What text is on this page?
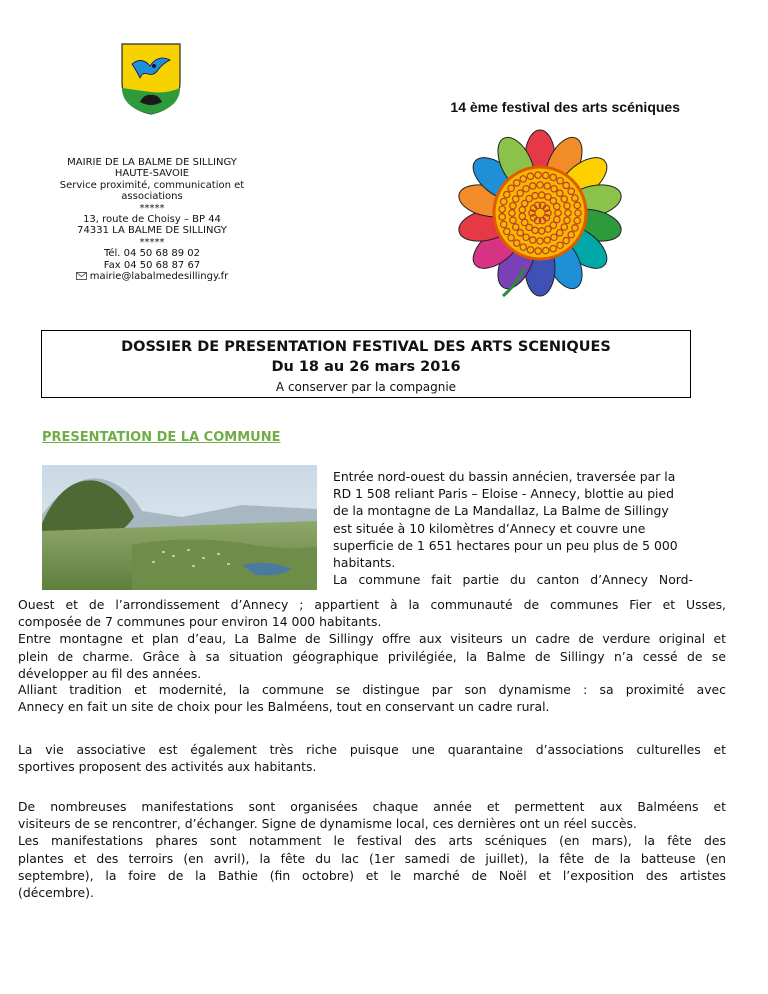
14 ème festival des arts scéniques
MAIRIE DE LA BALME DE SILLINGY
HAUTE-SAVOIE
Service proximité, communication et associations
*****
13, route de Choisy – BP 44
74331 LA BALME DE SILLINGY
*****
Tél. 04 50 68 89 02
Fax 04 50 68 87 67
mairie@labalmedesillingy.fr
DOSSIER DE PRESENTATION FESTIVAL DES ARTS SCENIQUES
Du 18 au 26 mars 2016
A conserver par la compagnie
PRESENTATION DE LA COMMUNE
Entrée nord-ouest du bassin annécien, traversée par la
RD 1 508 reliant Paris – Eloise - Annecy, blottie au pied
de la montagne de La Mandallaz, La Balme de Sillingy
est située à 10 kilomètres d’Annecy et couvre une
superficie de 1 651 hectares pour un peu plus de 5 000
habitants.
La commune fait partie du canton d’Annecy Nord-
Ouest et de l’arrondissement d’Annecy ; appartient à la communauté de communes Fier et Usses,
composée de 7 communes pour environ 14 000 habitants.
Entre montagne et plan d’eau, La Balme de Sillingy offre aux visiteurs un cadre de verdure original et
plein de charme. Grâce à sa situation géographique privilégiée, la Balme de Sillingy n’a cessé de se
développer au fil des années.
Alliant tradition et modernité, la commune se distingue par son dynamisme : sa proximité avec
Annecy en fait un site de choix pour les Balméens, tout en conservant un cadre rural.
La vie associative est également très riche puisque une quarantaine d’associations culturelles et
sportives proposent des activités aux habitants.
De nombreuses manifestations sont organisées chaque année et permettent aux Balméens et
visiteurs de se rencontrer, d’échanger. Signe de dynamisme local, ces dernières ont un réel succès.
Les manifestations phares sont notamment le festival des arts scéniques (en mars), la fête des
plantes et des terroirs (en avril), la fête du lac (1er samedi de juillet), la fête de la batteuse (en
septembre), la foire de la Bathie (fin octobre) et le marché de Noël et l’exposition des artistes
(décembre).
